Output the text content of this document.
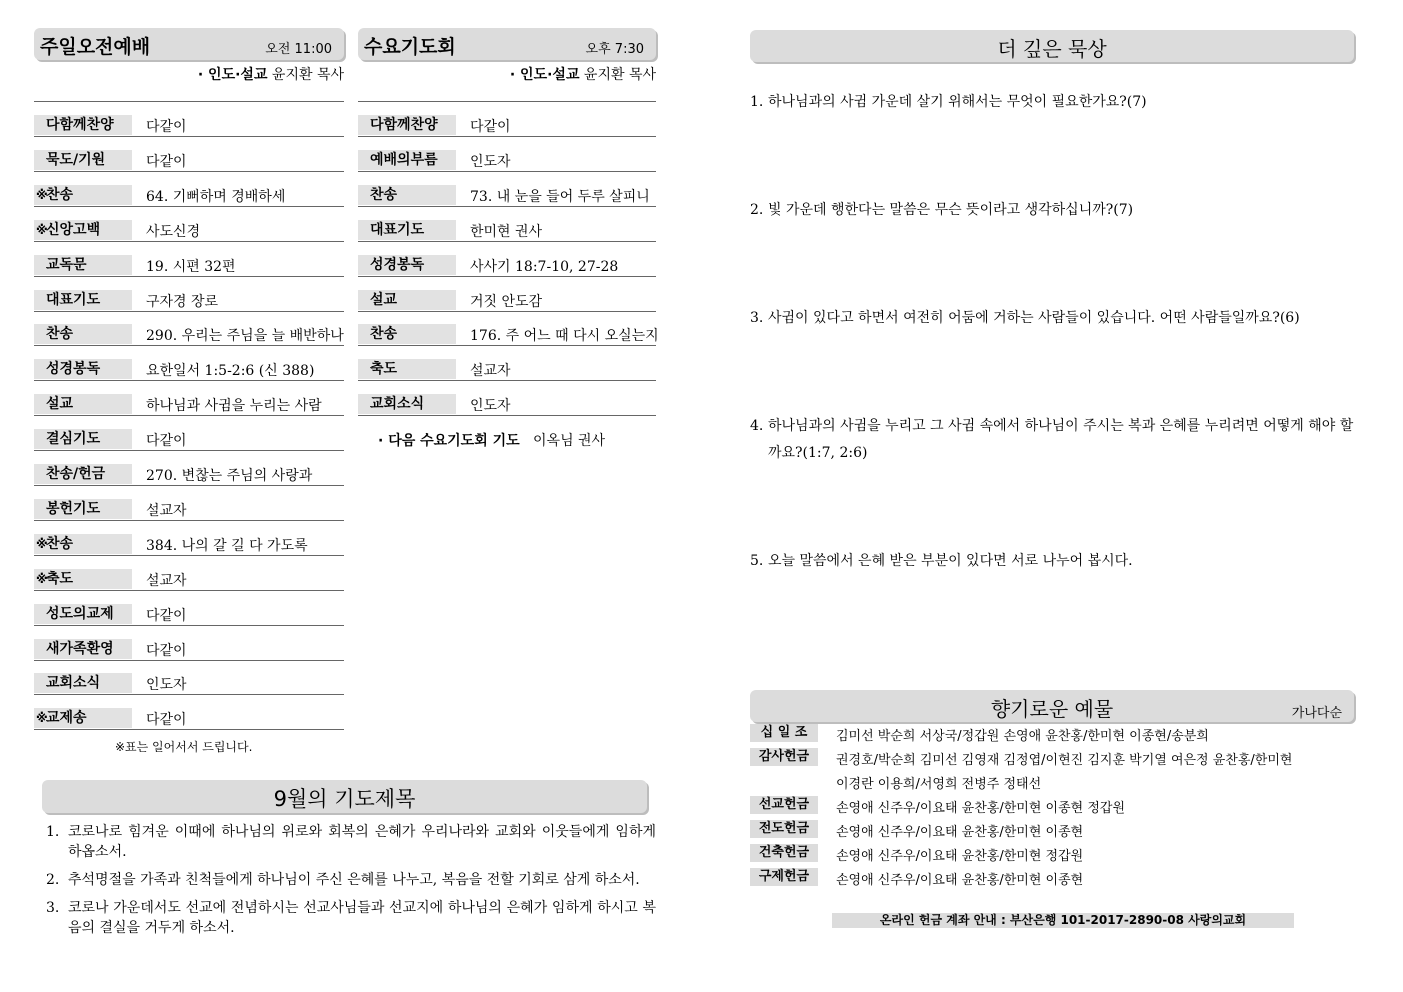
주일오전예배	오전 11:00
· 인도·설교 윤지환 목사
다함께찬양	다같이
묵도/기원	다같이
※
찬송	64. 기뻐하며 경배하세
※
신앙고백	사도신경
교독문	19. 시편 32편
대표기도	구자경 장로
찬송	290. 우리는 주님을 늘 배반하나
성경봉독	요한일서 1:5-2:6 (신 388)
설교	하나님과 사귐을 누리는 사람
결심기도	다같이
찬송/헌금	270. 변찮는 주님의 사랑과
봉헌기도	설교자
※
찬송	384. 나의 갈 길 다 가도록
※
축도	설교자
성도의교제	다같이
새가족환영	다같이
교회소식	인도자
※
교제송	다같이
※표는 일어서서 드립니다.
수요기도회	오후 7:30
· 인도·설교 윤지환 목사
다함께찬양	다같이
예배의부름	인도자
찬송	73. 내 눈을 들어 두루 살피니
대표기도	한미현 권사
성경봉독	사사기 18:7-10, 27-28
설교	거짓 안도감
찬송	176. 주 어느 때 다시 오실는지
축도	설교자
교회소식	인도자
· 다음 수요기도회 기도 이옥님 권사
9월의 기도제목
1. 코로나로 힘겨운 이때에 하나님의 위로와 회복의 은혜가 우리나라와 교회와 이웃들에게 임하게 하옵소서.
2. 추석명절을 가족과 친척들에게 하나님이 주신 은혜를 나누고, 복음을 전할 기회로 삼게 하소서.
3. 코로나 가운데서도 선교에 전념하시는 선교사님들과 선교지에 하나님의 은혜가 임하게 하시고 복음의 결실을 거두게 하소서.
더 깊은 묵상
1. 하나님과의 사귐 가운데 살기 위해서는 무엇이 필요한가요?(7)
2. 빛 가운데 행한다는 말씀은 무슨 뜻이라고 생각하십니까?(7)
3. 사귐이 있다고 하면서 여전히 어둠에 거하는 사람들이 있습니다. 어떤 사람들일까요?(6)
4. 하나님과의 사귐을 누리고 그 사귐 속에서 하나님이 주시는 복과 은혜를 누리려면 어떻게 해야 할까요?(1:7, 2:6)
5. 오늘 말씀에서 은혜 받은 부분이 있다면 서로 나누어 봅시다.
향기로운 예물	가나다순
십 일 조	김미선 박순희 서상국/정갑원 손영애 윤찬홍/한미현 이종현/송분희
감사헌금	권경호/박순희 김미선 김영재 김정엽/이현진 김지훈 박기열 여은정 윤찬홍/한미현
이경란 이용희/서영희 전병주 정태선
선교헌금	손영애 신주우/이요태 윤찬홍/한미현 이종현 정갑원
전도헌금	손영애 신주우/이요태 윤찬홍/한미현 이종현
건축헌금	손영애 신주우/이요태 윤찬홍/한미현 정갑원
구제헌금	손영애 신주우/이요태 윤찬홍/한미현 이종현
온라인 헌금 계좌 안내 : 부산은행 101-2017-2890-08 사랑의교회
